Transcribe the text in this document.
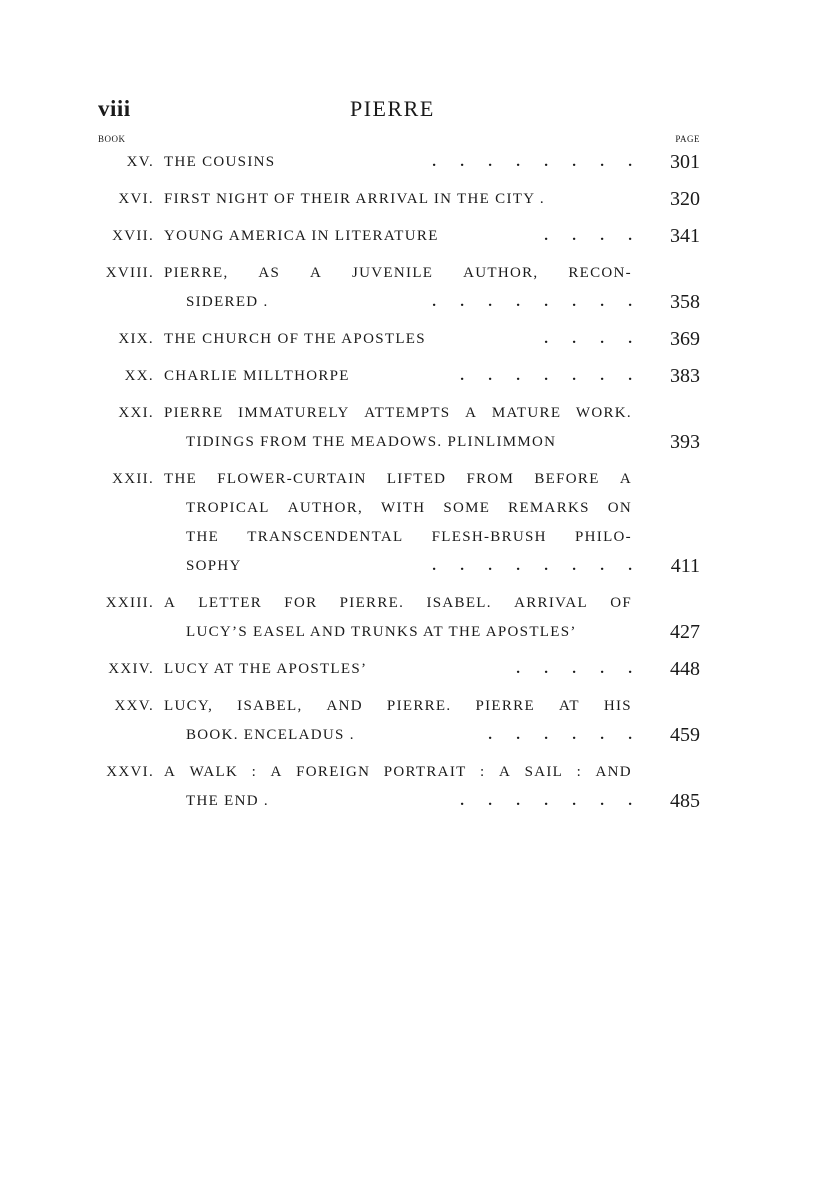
viii	PIERRE
BOOK	PAGE
XV. THE COUSINS	. . . . . . . . 301
XVI. FIRST NIGHT OF THEIR ARRIVAL IN THE CITY .	320
XVII. YOUNG AMERICA IN LITERATURE	. . . . 341
XVIII. PIERRE, AS A JUVENILE AUTHOR, RECON-
SIDERED .	. . . . . . . . 358
XIX. THE CHURCH OF THE APOSTLES	. . . . 369
XX. CHARLIE MILLTHORPE	. . . . . . . 383
XXI. PIERRE IMMATURELY ATTEMPTS A MATURE WORK.
TIDINGS FROM THE MEADOWS. PLINLIMMON	393
XXII. THE FLOWER-CURTAIN LIFTED FROM BEFORE A
TROPICAL AUTHOR, WITH SOME REMARKS ON
THE TRANSCENDENTAL FLESH-BRUSH PHILO-
SOPHY	. . . . . . . . 411
XXIII. A LETTER FOR PIERRE. ISABEL. ARRIVAL OF
LUCY’S EASEL AND TRUNKS AT THE APOSTLES’	427
XXIV. LUCY AT THE APOSTLES’	. . . . . 448
XXV. LUCY, ISABEL, AND PIERRE. PIERRE AT HIS
BOOK. ENCELADUS .	. . . . . . 459
XXVI. A WALK : A FOREIGN PORTRAIT : A SAIL : AND
THE END .	. . . . . . . 485
